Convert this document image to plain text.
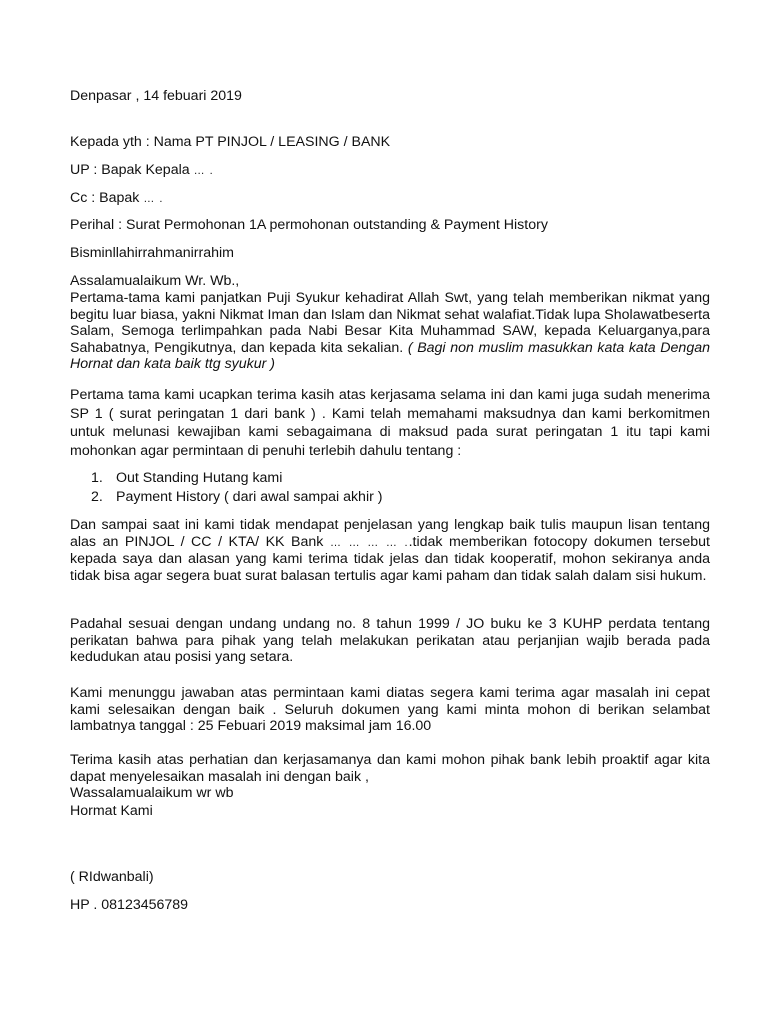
Denpasar , 14 febuari 2019
Kepada yth : Nama PT PINJOL / LEASING / BANK
UP : Bapak Kepala … .
Cc : Bapak … .
Perihal : Surat Permohonan 1A permohonan outstanding & Payment History
Bisminllahirrahmanirrahim
Assalamualaikum Wr. Wb.,
Pertama-tama kami panjatkan Puji Syukur kehadirat Allah Swt, yang telah memberikan nikmat yang begitu luar biasa, yakni Nikmat Iman dan Islam dan Nikmat sehat walafiat.Tidak lupa Sholawatbeserta Salam, Semoga terlimpahkan pada Nabi Besar Kita Muhammad SAW, kepada Keluarganya,para Sahabatnya, Pengikutnya, dan kepada kita sekalian. ( Bagi non muslim masukkan kata kata Dengan Hornat dan kata baik ttg syukur )
Pertama tama kami ucapkan terima kasih atas kerjasama selama ini dan kami juga sudah menerima SP 1 ( surat peringatan 1 dari bank ) . Kami telah memahami maksudnya dan kami berkomitmen untuk melunasi kewajiban kami sebagaimana di maksud pada surat peringatan 1 itu tapi kami mohonkan agar permintaan di penuhi terlebih dahulu tentang :
1. Out Standing Hutang kami
2. Payment History ( dari awal sampai akhir )
Dan sampai saat ini kami tidak mendapat penjelasan yang lengkap baik tulis maupun lisan tentang alas an PINJOL / CC / KTA/ KK Bank … … … … ..tidak memberikan fotocopy dokumen tersebut kepada saya dan alasan yang kami terima tidak jelas dan tidak kooperatif, mohon sekiranya anda tidak bisa agar segera buat surat balasan tertulis agar kami paham dan tidak salah dalam sisi hukum.
Padahal sesuai dengan undang undang no. 8 tahun 1999 / JO buku ke 3 KUHP perdata tentang perikatan bahwa para pihak yang telah melakukan perikatan atau perjanjian wajib berada pada kedudukan atau posisi yang setara.
Kami menunggu jawaban atas permintaan kami diatas segera kami terima agar masalah ini cepat kami selesaikan dengan baik . Seluruh dokumen yang kami minta mohon di berikan selambat lambatnya tanggal : 25 Febuari 2019 maksimal jam 16.00
Terima kasih atas perhatian dan kerjasamanya dan kami mohon pihak bank lebih proaktif agar kita dapat menyelesaikan masalah ini dengan baik ,
Wassalamualaikum wr wb
Hormat Kami
( RIdwanbali)
HP . 08123456789
